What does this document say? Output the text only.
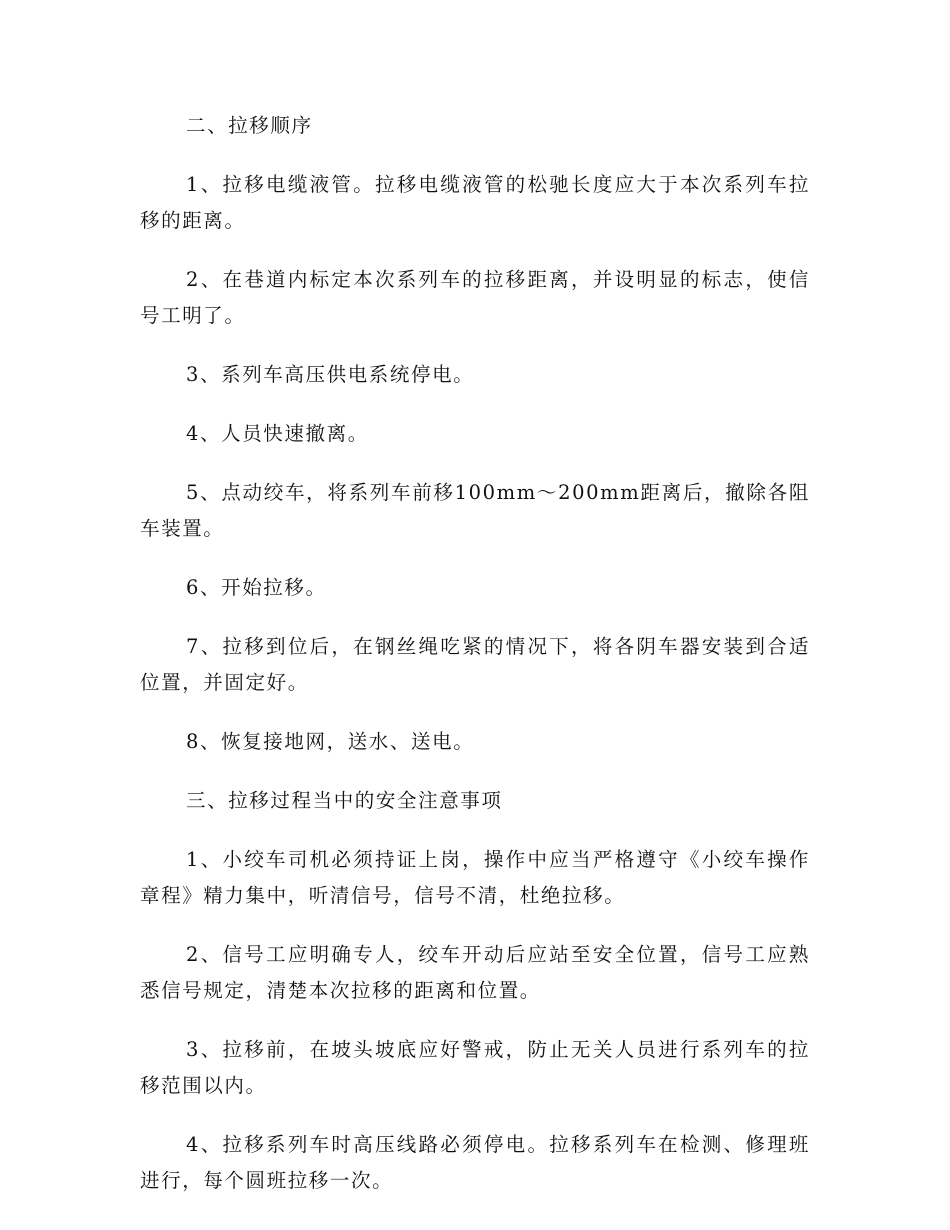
二、拉移顺序

1、拉移电缆液管。拉移电缆液管的松驰长度应大于本次系列车拉移的距离。

2、在巷道内标定本次系列车的拉移距离，并设明显的标志，使信号工明了。

3、系列车高压供电系统停电。

4、人员快速撤离。

5、点动绞车，将系列车前移100mm～200mm距离后，撤除各阻车装置。

6、开始拉移。

7、拉移到位后，在钢丝绳吃紧的情况下，将各阴车器安装到合适位置，并固定好。

8、恢复接地网，送水、送电。

三、拉移过程当中的安全注意事项

1、小绞车司机必须持证上岗，操作中应当严格遵守《小绞车操作章程》精力集中，听清信号，信号不清，杜绝拉移。

2、信号工应明确专人，绞车开动后应站至安全位置，信号工应熟悉信号规定，清楚本次拉移的距离和位置。

3、拉移前，在坡头坡底应好警戒，防止无关人员进行系列车的拉移范围以内。

4、拉移系列车时高压线路必须停电。拉移系列车在检测、修理班进行，每个圆班拉移一次。
